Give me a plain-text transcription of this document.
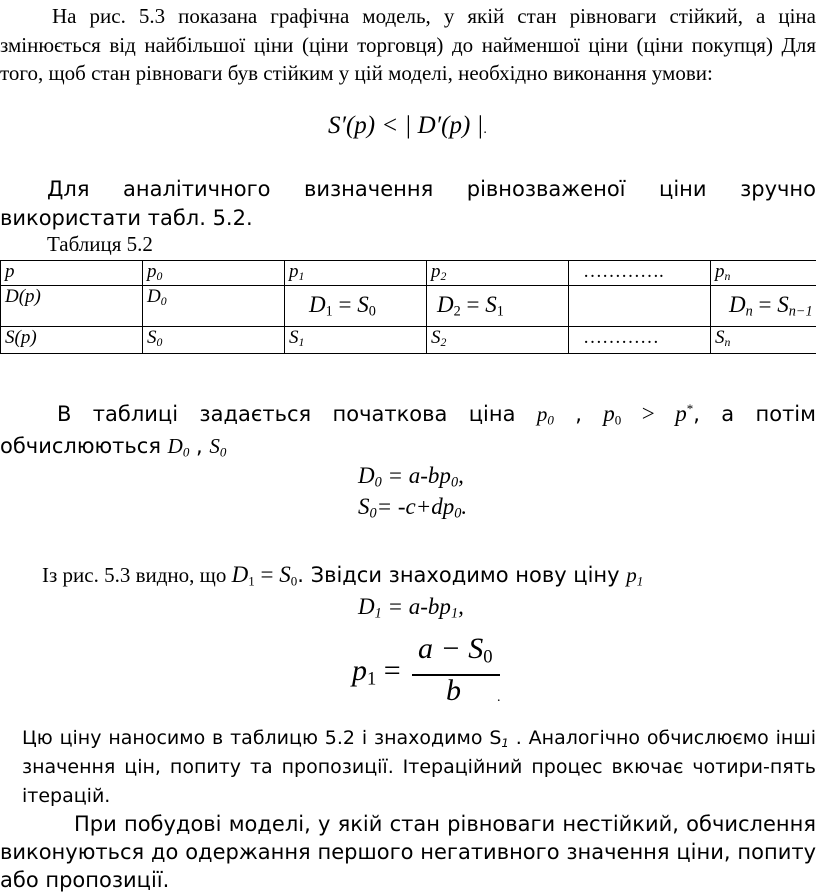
На рис. 5.3 показана графічна модель, у якій стан рівноваги стійкий, а ціна змінюється від найбільшої ціни (ціни торговця) до найменшої ціни (ціни покупця) Для того, щоб стан рівноваги був стійким у цій моделі, необхідно виконання умови:

S′(p) < | D′(p) |.

Для аналітичного визначення рівнозваженої ціни зручно використати табл. 5.2.

Таблиця 5.2
p	$p_0$	$p_1$	$p_2$	………….	$p_n$
D(p)	$D_0$	$D_1 = S_0$	$D_2 = S_1$		$D_n = S_{n-1}$
S(p)	$S_0$	$S_1$	$S_2$	…………	$S_n$

В таблиці задається початкова ціна $p_0$ , $p_0 > p^*$, а потім обчислюються $D_0$ , $S_0$

$D_0 = a-bp_0$,
$S_0= -c+dp_0$.
Із рис. 5.3 видно, що $D_1 = S_0$. Звідси знаходимо нову ціну $p_1$
$D_1 = a-bp_1$,
$p_1$ =
$a - S_0$
b	.

Цю ціну наносимо в таблицю 5.2 і знаходимо $S_1$ . Аналогічно обчислюємо інші значення цін, попиту та пропозиції. Ітераційний процес вкючає чотири-пять ітерацій.

При побудові моделі, у якій стан рівноваги нестійкий, обчислення виконуються до одержання першого негативного значення ціни, попиту або пропозиції.
